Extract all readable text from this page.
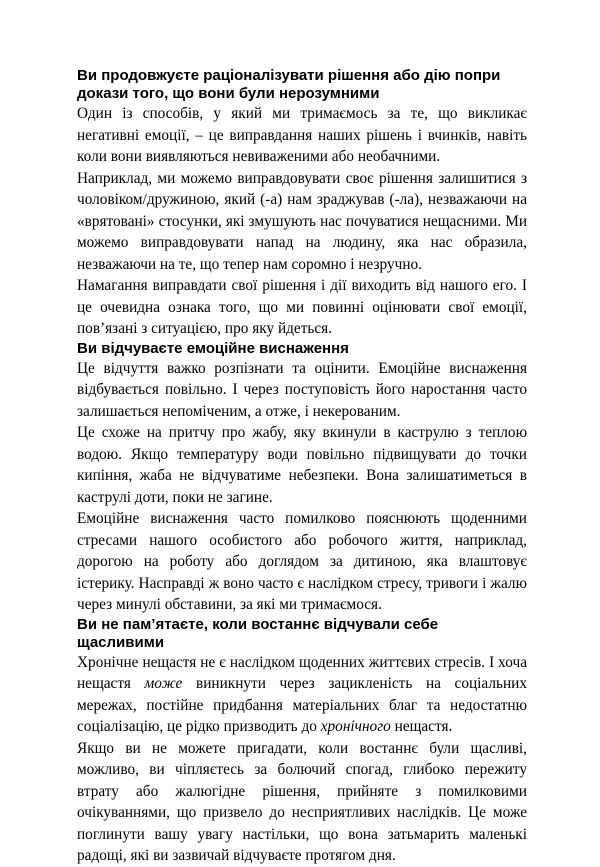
Ви продовжуєте раціоналізувати рішення або дію попри докази того, що вони були нерозумними

Один із способів, у який ми тримаємось за те, що викликає негативні емоції, – це виправдання наших рішень і вчинків, навіть коли вони виявляються невиваженими або необачними.

Наприклад, ми можемо виправдовувати своє рішення залишитися з чоловіком/дружиною, який (-а) нам зраджував (-ла), незважаючи на «врятовані» стосунки, які змушують нас почуватися нещасними. Ми можемо виправдовувати напад на людину, яка нас образила, незважаючи на те, що тепер нам соромно і незручно.

Намагання виправдати свої рішення і дії виходить від нашого его. І це очевидна ознака того, що ми повинні оцінювати свої емоції, пов’язані з ситуацією, про яку йдеться.

Ви відчуваєте емоційне виснаження

Це відчуття важко розпізнати та оцінити. Емоційне виснаження відбувається повільно. І через поступовість його наростання часто залишається непоміченим, а отже, і некерованим.

Це схоже на притчу про жабу, яку вкинули в каструлю з теплою водою. Якщо температуру води повільно підвищувати до точки кипіння, жаба не відчуватиме небезпеки. Вона залишатиметься в каструлі доти, поки не загине.

Емоційне виснаження часто помилково пояснюють щоденними стресами нашого особистого або робочого життя, наприклад, дорогою на роботу або доглядом за дитиною, яка влаштовує істерику. Насправді ж воно часто є наслідком стресу, тривоги і жалю через минулі обставини, за які ми тримаємося.

Ви не пам’ятаєте, коли востаннє відчували себе щасливими

Хронічне нещастя не є наслідком щоденних життєвих стресів. І хоча нещастя може виникнути через зацикленість на соціальних мережах, постійне придбання матеріальних благ та недостатню соціалізацію, це рідко призводить до хронічного нещастя.

Якщо ви не можете пригадати, коли востаннє були щасливі, можливо, ви чіпляєтесь за болючий спогад, глибоко пережиту втрату або жалюгідне рішення, прийняте з помилковими очікуваннями, що призвело до несприятливих наслідків. Це може поглинути вашу увагу настільки, що вона затьмарить маленькі радощі, які ви зазвичай відчуваєте протягом дня.
